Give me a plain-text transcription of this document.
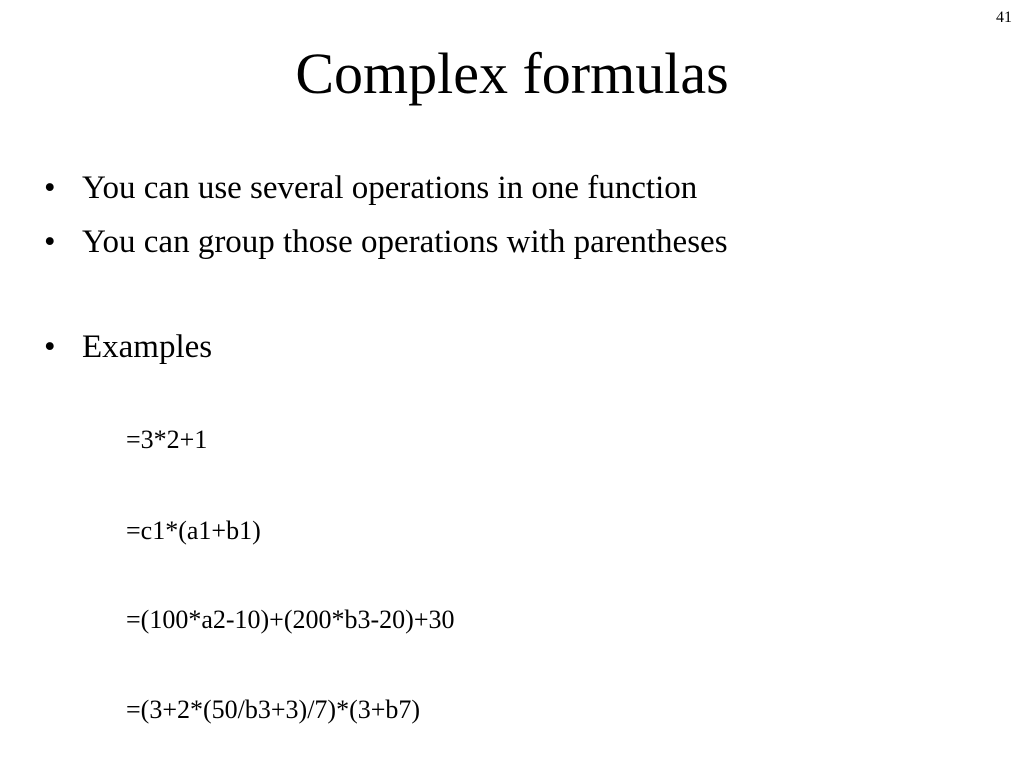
41
Complex formulas
• You can use several operations in one function
• You can group those operations with parentheses
• Examples
=3*2+1
=c1*(a1+b1)
=(100*a2-10)+(200*b3-20)+30
=(3+2*(50/b3+3)/7)*(3+b7)
